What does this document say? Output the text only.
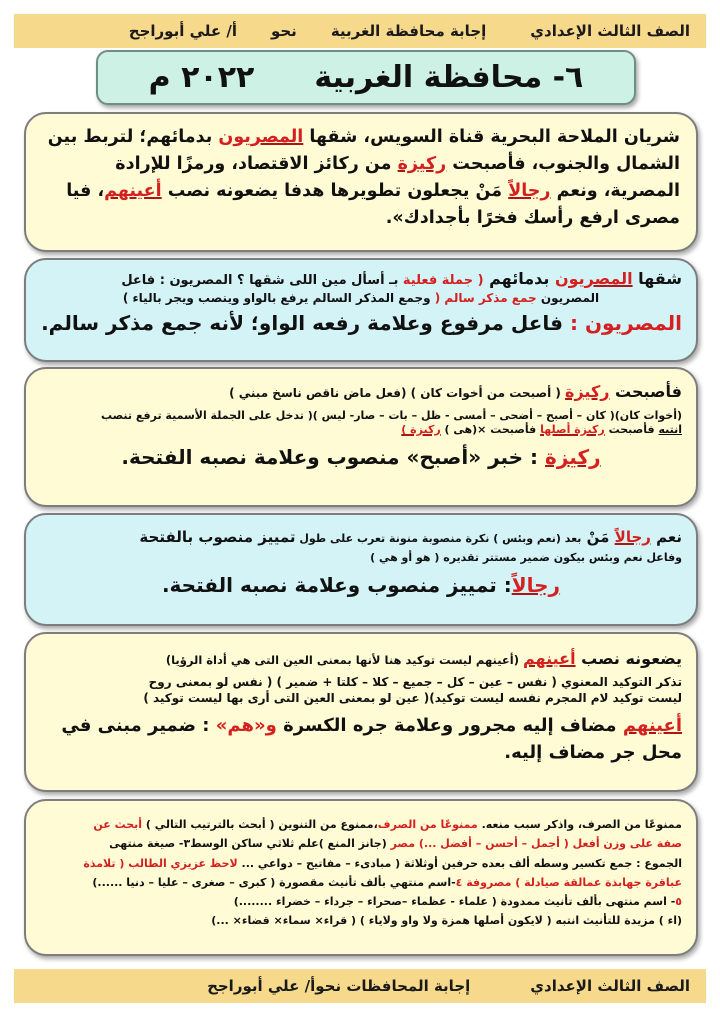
الصف الثالث الإعدادي
إجابة محافظة الغربية
نحو
أ/ علي أبوراجح
٦-

محافظة الغربية
٢٠٢٢ م
شريان الملاحة البحرية قناة السويس، شقها المصريون بدمائهم؛ لتربط بين الشمال والجنوب، فأصبحت ركيزة من ركائز الاقتصاد، ورمزًا للإرادة المصرية، ونعم رجالاً مَنْ يجعلون تطويرها هدفا يضعونه نصب أعينهم، فيا مصرى ارفع رأسك فخرًا بأجدادك».
شقها المصريون بدمائهم ( جملة فعلية بـ أسأل مين اللى شقها ؟ المصريون : فاعل
المصريون جمع مذكر سالم ( وجمع المذكر السالم يرفع بالواو وينصب ويجر بالياء )
المصريون : فاعل مرفوع وعلامة رفعه الواو؛ لأنه جمع مذكر سالم.
فأصبحت ركيزة ( أصبحت من أخوات كان ) (فعل ماض ناقص ناسخ مبني )
(أخوات كان)( كان – أصبح – أضحى – أمسى - ظل – بات – صار- ليس )( تدخل على الجملة الأسمية ترفع تنصب
انتبه فأصبحت ركيزة أصلها فأصبحت ×(هى ) ركيزة )
ركيزة : خبر «أصبح» منصوب وعلامة نصبه الفتحة.
نعم رجالاً مَنْ بعد (نعم وبئس ) نكرة منصوبة منونة تعرب على طول تمييز منصوب بالفتحة
وفاعل نعم وبئس بيكون ضمير مستتر تقديره ( هو أو هي )
رجالاً: تمييز منصوب وعلامة نصبه الفتحة.
يضعونه نصب أعينهم (أعينهم ليست توكيد هنا لأنها بمعنى العين التى هي أداة الرؤيا)
تذكر التوكيد المعنوي ( نفس – عين – كل – جميع – كلا – كلتا + ضمير ) ( نفس لو بمعنى روح
ليست توكيد لام المجرم نفسه ليست توكيد)( عين لو بمعنى العين التى أرى بها ليست توكيد )
أعينهم مضاف إليه مجرور وعلامة جره الكسرة و«هم» : ضمير مبنى في محل جر مضاف إليه.
ممنوعًا من الصرف، واذكر سبب منعه. ممنوعًا من الصرف،ممنوع من التنوين ( أبحث بالترتيب التالي ) أبحث عن
صفة على وزن أفعل ( أجمل – أحسن – أفضل ...) مصر (جانز المنع )علم ثلاثي ساكن الوسط٣- صيغة منتهى
الجموع : جمع تكسير وسطه ألف بعده حرفين أوثلاثة ( مبادىء – مفاتيح – دواعي ... لاحظ عزيزي الطالب ( تلامذة
عباقرة جهابذة عمالقة صيادلة ) مصروفة ٤-اسم منتهي بألف تأنيث مقصورة ( كبرى – صغرى – عليا – دنيا ......)
٥- اسم منتهى بألف تأنيث ممدودة ( علماء - عظماء –صحراء – جرداء – خضراء ........)
(اء ) مزيدة للتأنيث انتبه ( لايكون أصلها همزة ولا واو ولاياء ) ( قراء× سماء× قضاء× ...)
الصف الثالث الإعدادي
إجابة المحافظات نحو
أ/ علي أبوراجح
